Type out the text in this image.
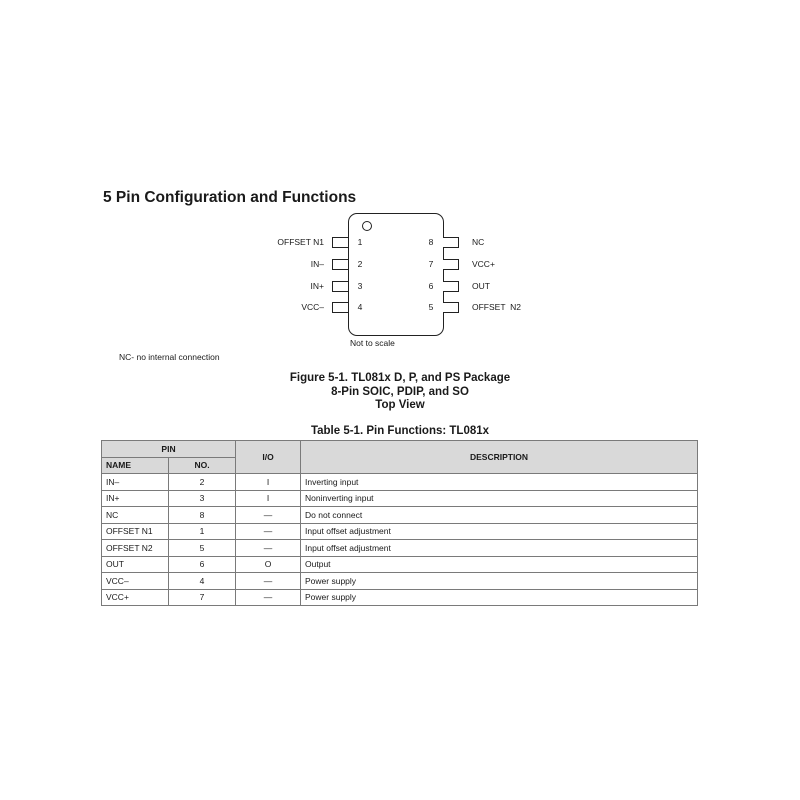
5 Pin Configuration and Functions
OFFSET N1	1
IN–	2
IN+	3
VCC–	4
8	NC
7	VCC+
6	OUT
5	OFFSET  N2
Not to scale
NC- no internal connection
Figure 5-1. TL081x D, P, and PS Package
8-Pin SOIC, PDIP, and SO
Top View
Table 5-1. Pin Functions: TL081x
PIN		I/O	DESCRIPTION
NAME	NO.		
IN–	2	I	Inverting input
IN+	3	I	Noninverting input
NC	8	—	Do not connect
OFFSET N1	1	—	Input offset adjustment
OFFSET N2	5	—	Input offset adjustment
OUT	6	O	Output
VCC–	4	—	Power supply
VCC+	7	—	Power supply
